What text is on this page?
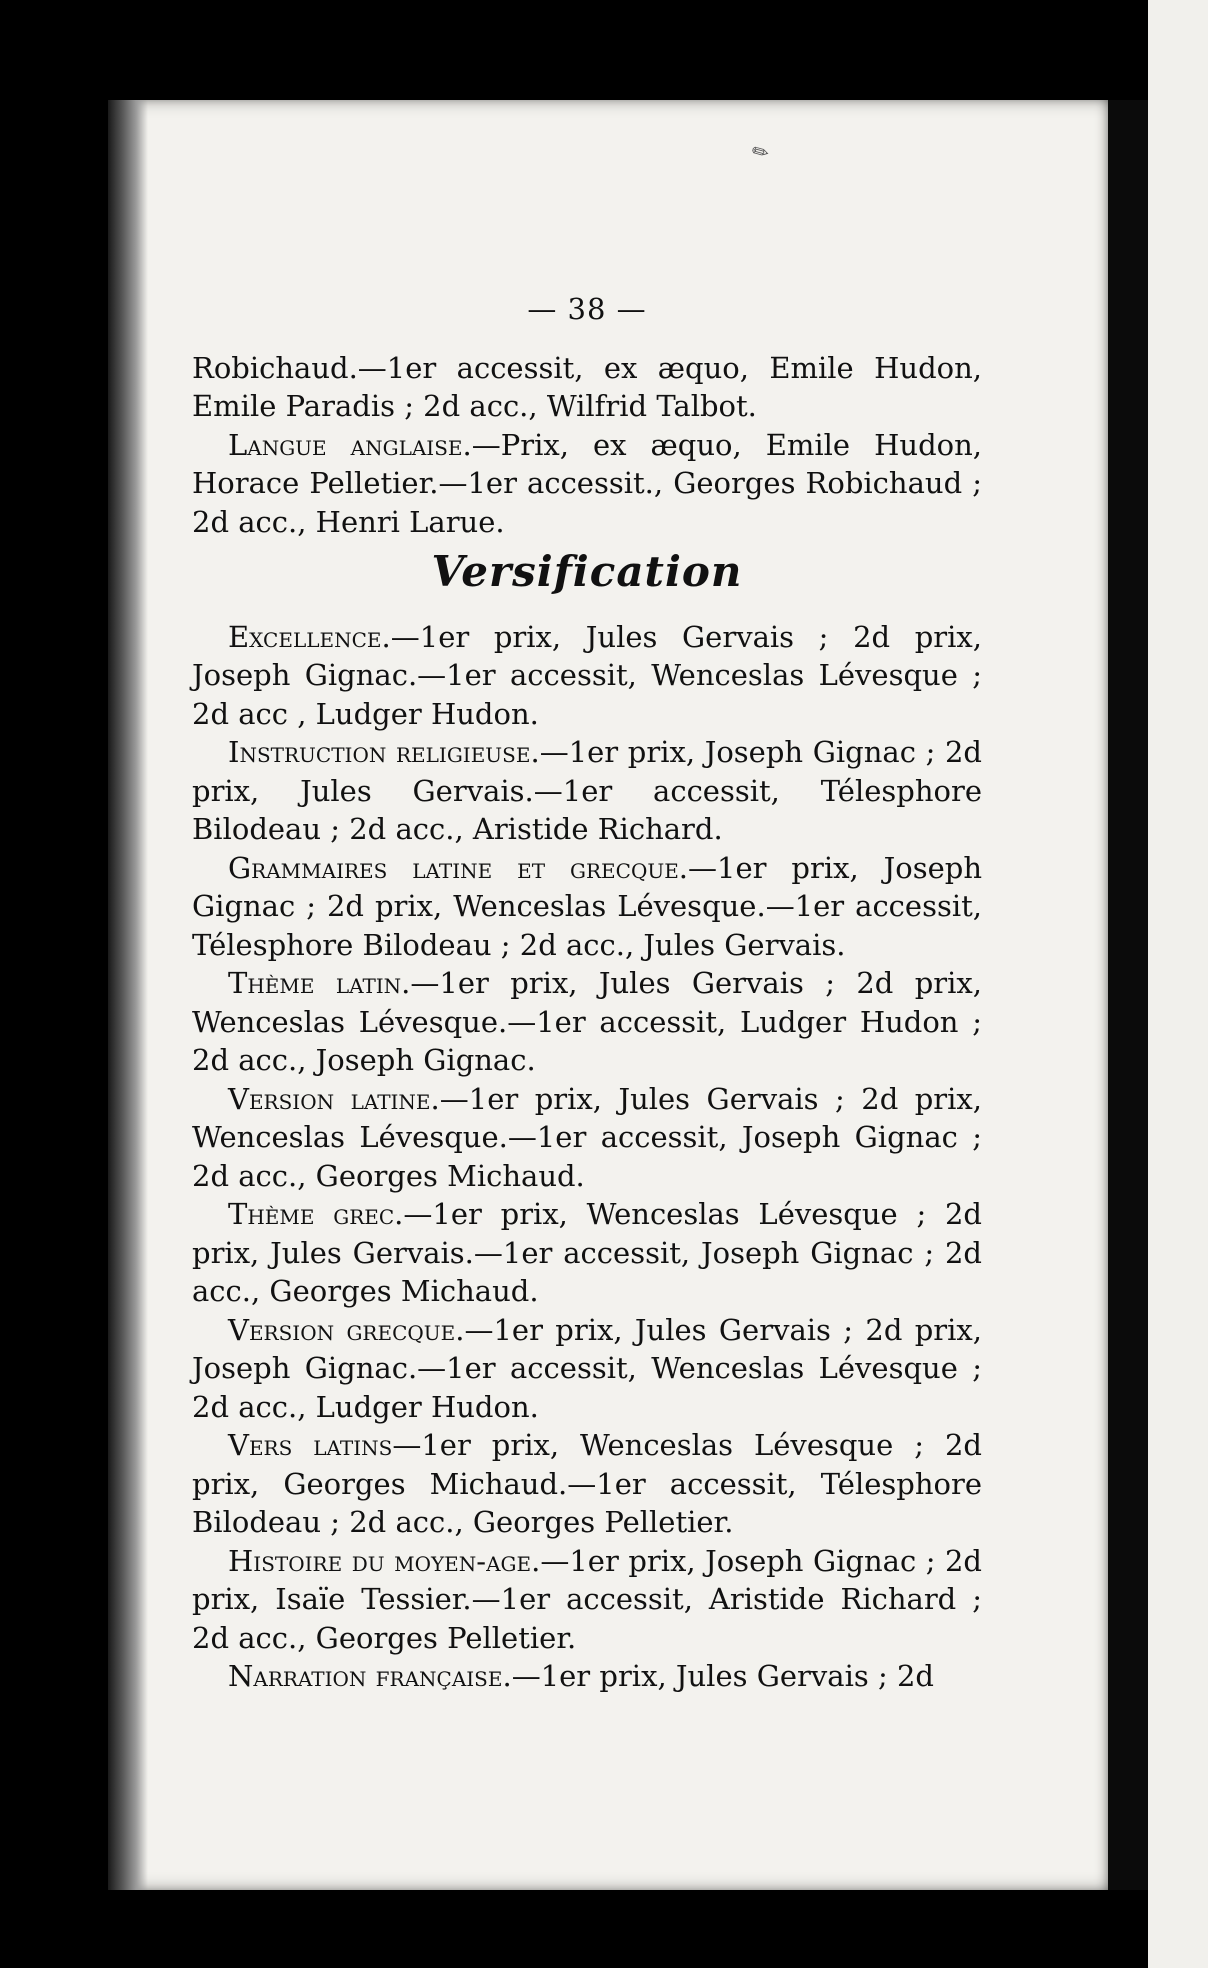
✎

— 38 —

Robichaud.—1er accessit, ex æquo, Emile Hudon, Emile Paradis ; 2d acc., Wilfrid Talbot.

Langue anglaise.—Prix, ex æquo, Emile Hudon, Horace Pelletier.—1er accessit., Georges Robichaud ; 2d acc., Henri Larue.

Versification

Excellence.—1er prix, Jules Gervais ; 2d prix, Joseph Gignac.—1er accessit, Wenceslas Lévesque ; 2d acc , Ludger Hudon.

Instruction religieuse.—1er prix, Joseph Gignac ; 2d prix, Jules Gervais.—1er accessit, Télesphore Bilodeau ; 2d acc., Aristide Richard.

Grammaires latine et grecque.—1er prix, Joseph Gignac ; 2d prix, Wenceslas Lévesque.—1er accessit, Télesphore Bilodeau ; 2d acc., Jules Gervais.

Thème latin.—1er prix, Jules Gervais ; 2d prix, Wenceslas Lévesque.—1er accessit, Ludger Hudon ; 2d acc., Joseph Gignac.

Version latine.—1er prix, Jules Gervais ; 2d prix, Wenceslas Lévesque.—1er accessit, Joseph Gignac ; 2d acc., Georges Michaud.

Thème grec.—1er prix, Wenceslas Lévesque ; 2d prix, Jules Gervais.—1er accessit, Joseph Gignac ; 2d acc., Georges Michaud.

Version grecque.—1er prix, Jules Gervais ; 2d prix, Joseph Gignac.—1er accessit, Wenceslas Lévesque ; 2d acc., Ludger Hudon.

Vers latins—1er prix, Wenceslas Lévesque ; 2d prix, Georges Michaud.—1er accessit, Télesphore Bilodeau ; 2d acc., Georges Pelletier.

Histoire du moyen-age.—1er prix, Joseph Gignac ; 2d prix, Isaïe Tessier.—1er accessit, Aristide Richard ; 2d acc., Georges Pelletier.

Narration française.—1er prix, Jules Gervais ; 2d
